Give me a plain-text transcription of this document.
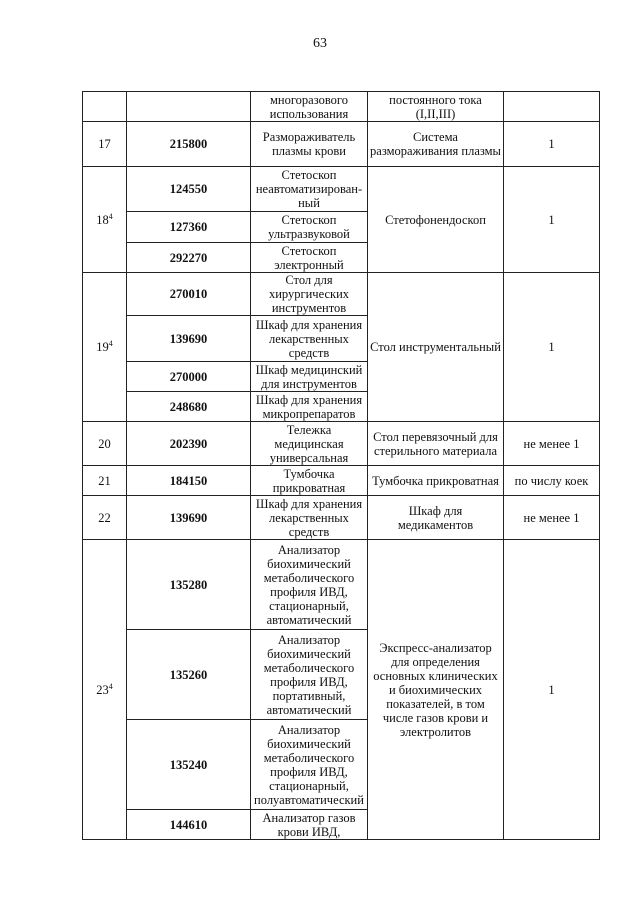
63
		многоразового использования	постоянного тока (I,II,III)	
17	215800	Размораживатель плазмы крови	Система размораживания плазмы	1
$18^4$	124550	Стетоскоп неавтоматизирован-ный	Стетофонендоскоп	1
	127360	Стетоскоп ультразвуковой		
	292270	Стетоскоп электронный		
$19^4$	270010	Стол для хирургических инструментов	Стол инструментальный	1
	139690	Шкаф для хранения лекарственных средств		
	270000	Шкаф медицинский для инструментов		
	248680	Шкаф для хранения микропрепаратов		
20	202390	Тележка медицинская универсальная	Стол перевязочный для стерильного материала	не менее 1
21	184150	Тумбочка прикроватная	Тумбочка прикроватная	по числу коек
22	139690	Шкаф для хранения лекарственных средств	Шкаф для медикаментов	не менее 1
$23^4$	135280	Анализатор биохимический метаболического профиля ИВД, стационарный, автоматический	Экспресс-анализатор для определения основных клинических и биохимических показателей, в том числе газов крови и электролитов	1
	135260	Анализатор биохимический метаболического профиля ИВД, портативный, автоматический		
	135240	Анализатор биохимический метаболического профиля ИВД, стационарный, полуавтоматический		
	144610	Анализатор газов крови ИВД,		
